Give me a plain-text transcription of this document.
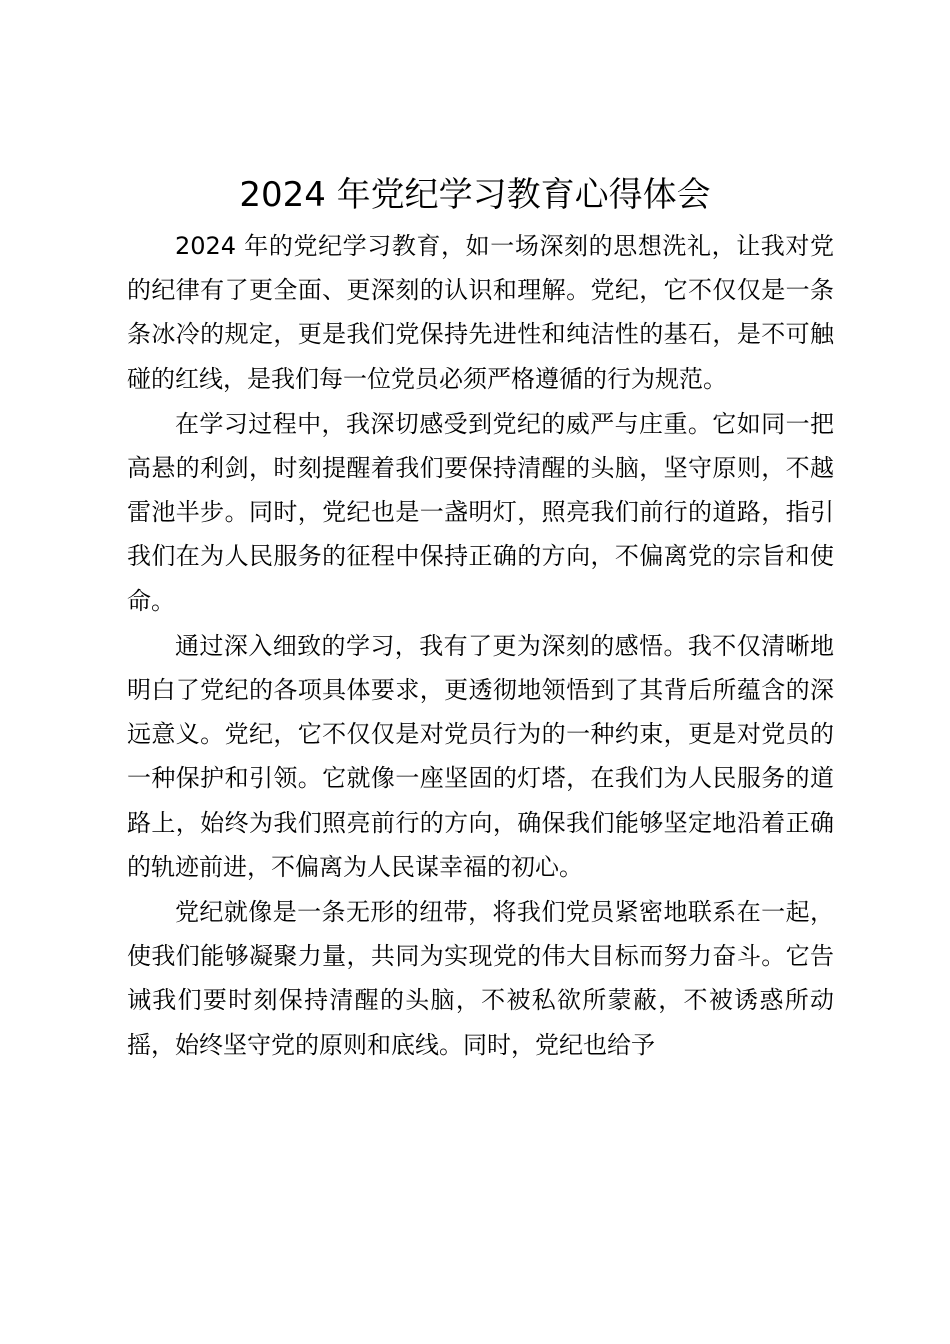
2024 年党纪学习教育心得体会

2024 年的党纪学习教育，如一场深刻的思想洗礼，让我对党的纪律有了更全面、更深刻的认识和理解。党纪，它不仅仅是一条条冰冷的规定，更是我们党保持先进性和纯洁性的基石，是不可触碰的红线，是我们每一位党员必须严格遵循的行为规范。

在学习过程中，我深切感受到党纪的威严与庄重。它如同一把高悬的利剑，时刻提醒着我们要保持清醒的头脑，坚守原则，不越雷池半步。同时，党纪也是一盏明灯，照亮我们前行的道路，指引我们在为人民服务的征程中保持正确的方向，不偏离党的宗旨和使命。

通过深入细致的学习，我有了更为深刻的感悟。我不仅清晰地明白了党纪的各项具体要求，更透彻地领悟到了其背后所蕴含的深远意义。党纪，它不仅仅是对党员行为的一种约束，更是对党员的一种保护和引领。它就像一座坚固的灯塔，在我们为人民服务的道路上，始终为我们照亮前行的方向，确保我们能够坚定地沿着正确的轨迹前进，不偏离为人民谋幸福的初心。

党纪就像是一条无形的纽带，将我们党员紧密地联系在一起，使我们能够凝聚力量，共同为实现党的伟大目标而努力奋斗。它告诫我们要时刻保持清醒的头脑，不被私欲所蒙蔽，不被诱惑所动摇，始终坚守党的原则和底线。同时，党纪也给予
